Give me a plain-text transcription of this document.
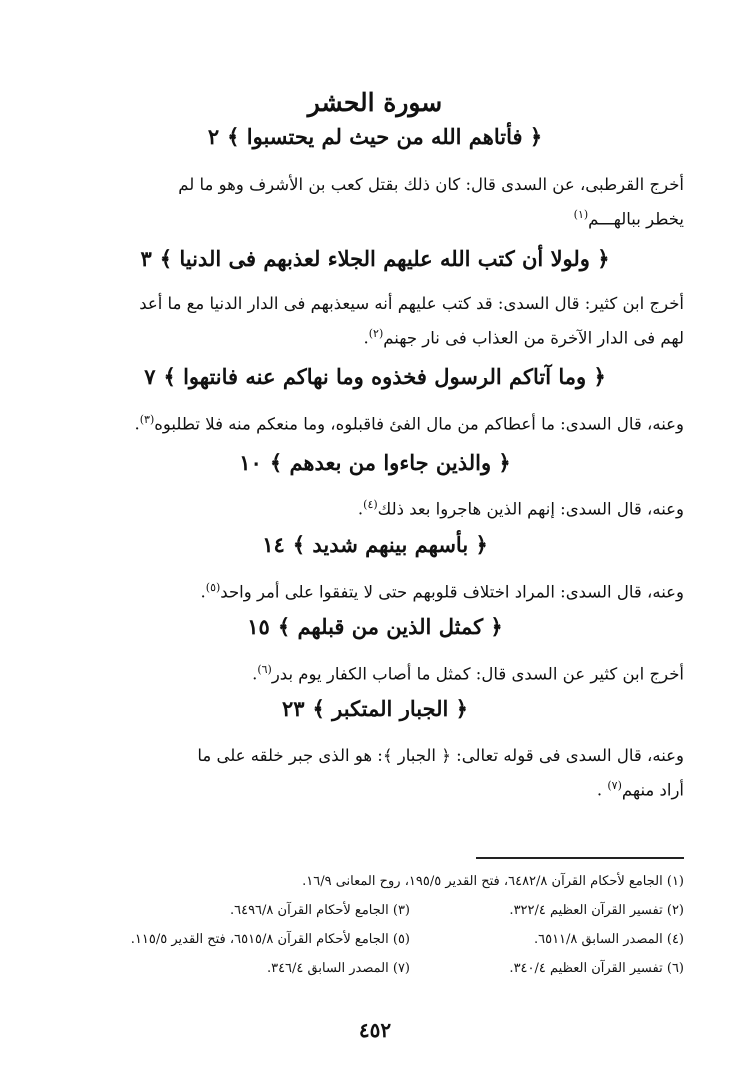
سورة الحشر
﴿ فأتاهم الله من حيث لم يحتسبوا ﴾٢
أخرج القرطبى، عن السدى قال: كان ذلك بقتل كعب بن الأشرف وهو ما لم
يخطر ببالهـــم$^{(١)}$
﴿ ولولا أن كتب الله عليهم الجلاء لعذبهم فى الدنيا ﴾٣
أخرج ابن كثير: قال السدى: قد كتب عليهم أنه سيعذبهم فى الدار الدنيا مع ما أعد
لهم فى الدار الآخرة من العذاب فى نار جهنم$^{(٢)}$.
﴿ وما آتاكم الرسول فخذوه وما نهاكم عنه فانتهوا ﴾٧
وعنه، قال السدى: ما أعطاكم من مال الفئ فاقبلوه، وما منعكم منه فلا تطلبوه$^{(٣)}$.
﴿ والذين جاءوا من بعدهم ﴾١٠
وعنه، قال السدى: إنهم الذين هاجروا بعد ذلك$^{(٤)}$.
﴿ بأسهم بينهم شديد ﴾١٤
وعنه، قال السدى: المراد اختلاف قلوبهم حتى لا يتفقوا على أمر واحد$^{(٥)}$.
﴿ كمثل الذين من قبلهم ﴾١٥
أخرج ابن كثير عن السدى قال: كمثل ما أصاب الكفار يوم بدر$^{(٦)}$.
﴿ الجبار المتكبر ﴾٢٣
وعنه، قال السدى فى قوله تعالى: ﴿ الجبار ﴾: هو الذى جبر خلقه على ما
أراد منهم$^{(٧)}$ .
(١) الجامع لأحكام القرآن ٦٤٨٢/٨، فتح القدير ١٩٥/٥، روح المعانى ١٦/٩.
(٢) تفسير القرآن العظيم ٣٢٢/٤.
(٣) الجامع لأحكام القرآن ٦٤٩٦/٨.
(٤) المصدر السابق ٦٥١١/٨.
(٥) الجامع لأحكام القرآن ٦٥١٥/٨، فتح القدير ١١٥/٥.
(٦) تفسير القرآن العظيم ٣٤٠/٤.
(٧) المصدر السابق ٣٤٦/٤.
٤٥٢
